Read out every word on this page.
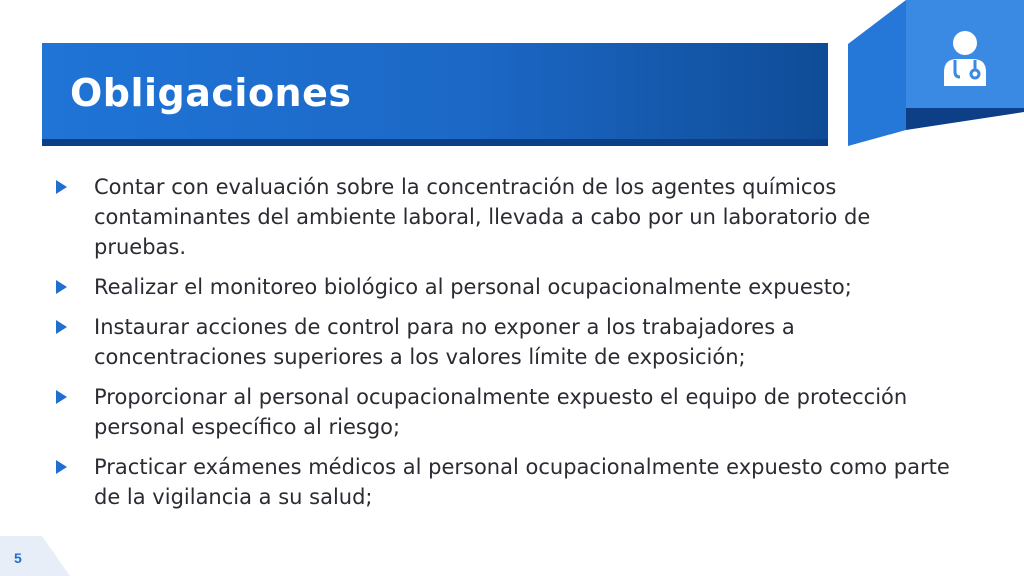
Obligaciones
Contar con evaluación sobre la concentración de los agentes químicos contaminantes del ambiente laboral, llevada a cabo por un laboratorio de pruebas.
Realizar el monitoreo biológico al personal ocupacionalmente expuesto;
Instaurar acciones de control para no exponer a los trabajadores a concentraciones superiores a los valores límite de exposición;
Proporcionar al personal ocupacionalmente expuesto el equipo de protección personal específico al riesgo;
Practicar exámenes médicos al personal ocupacionalmente expuesto como parte de la vigilancia a su salud;
5
